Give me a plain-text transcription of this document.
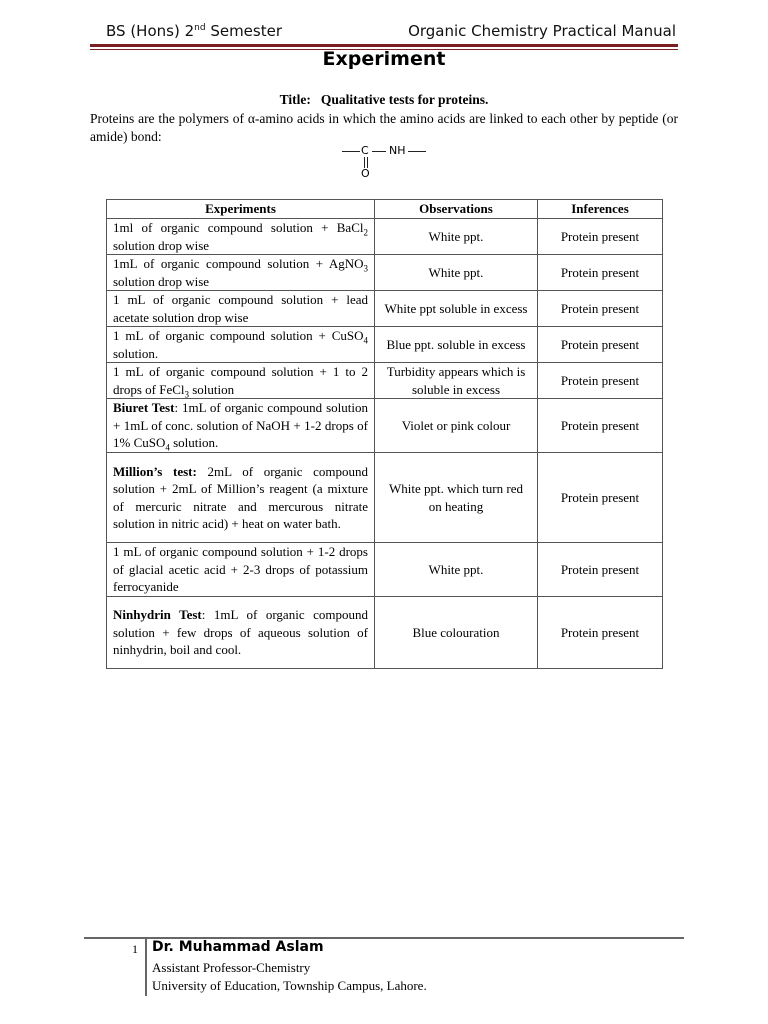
BS (Hons) 2nd Semester	Organic Chemistry Practical Manual
Experiment
Title: Qualitative tests for proteins.
Proteins are the polymers of α-amino acids in which the amino acids are linked to each other by peptide (or amide) bond:
C NH
O
Experiments	Observations	Inferences
1ml of organic compound solution + BaCl$_2$ solution drop wise	White ppt.	Protein present
1mL of organic compound solution + AgNO$_3$ solution drop wise	White ppt.	Protein present
1 mL of organic compound solution + lead acetate solution drop wise	White ppt soluble in excess	Protein present
1 mL of organic compound solution + CuSO$_4$ solution.	Blue ppt. soluble in excess	Protein present
1 mL of organic compound solution + 1 to 2 drops of FeCl$_3$ solution	Turbidity appears which is soluble in excess	Protein present
Biuret Test: 1mL of organic compound solution + 1mL of conc. solution of NaOH + 1-2 drops of 1% CuSO$_4$ solution.	Violet or pink colour	Protein present
Million’s test: 2mL of organic compound solution + 2mL of Million’s reagent (a mixture of mercuric nitrate and mercurous nitrate solution in nitric acid) + heat on water bath.	White ppt. which turn red on heating	Protein present
1 mL of organic compound solution + 1-2 drops of glacial acetic acid + 2-3 drops of potassium ferrocyanide	White ppt.	Protein present
Ninhydrin Test: 1mL of organic compound solution + few drops of aqueous solution of ninhydrin, boil and cool.	Blue colouration	Protein present
1 Dr. Muhammad Aslam
Assistant Professor-Chemistry
University of Education, Township Campus, Lahore.
